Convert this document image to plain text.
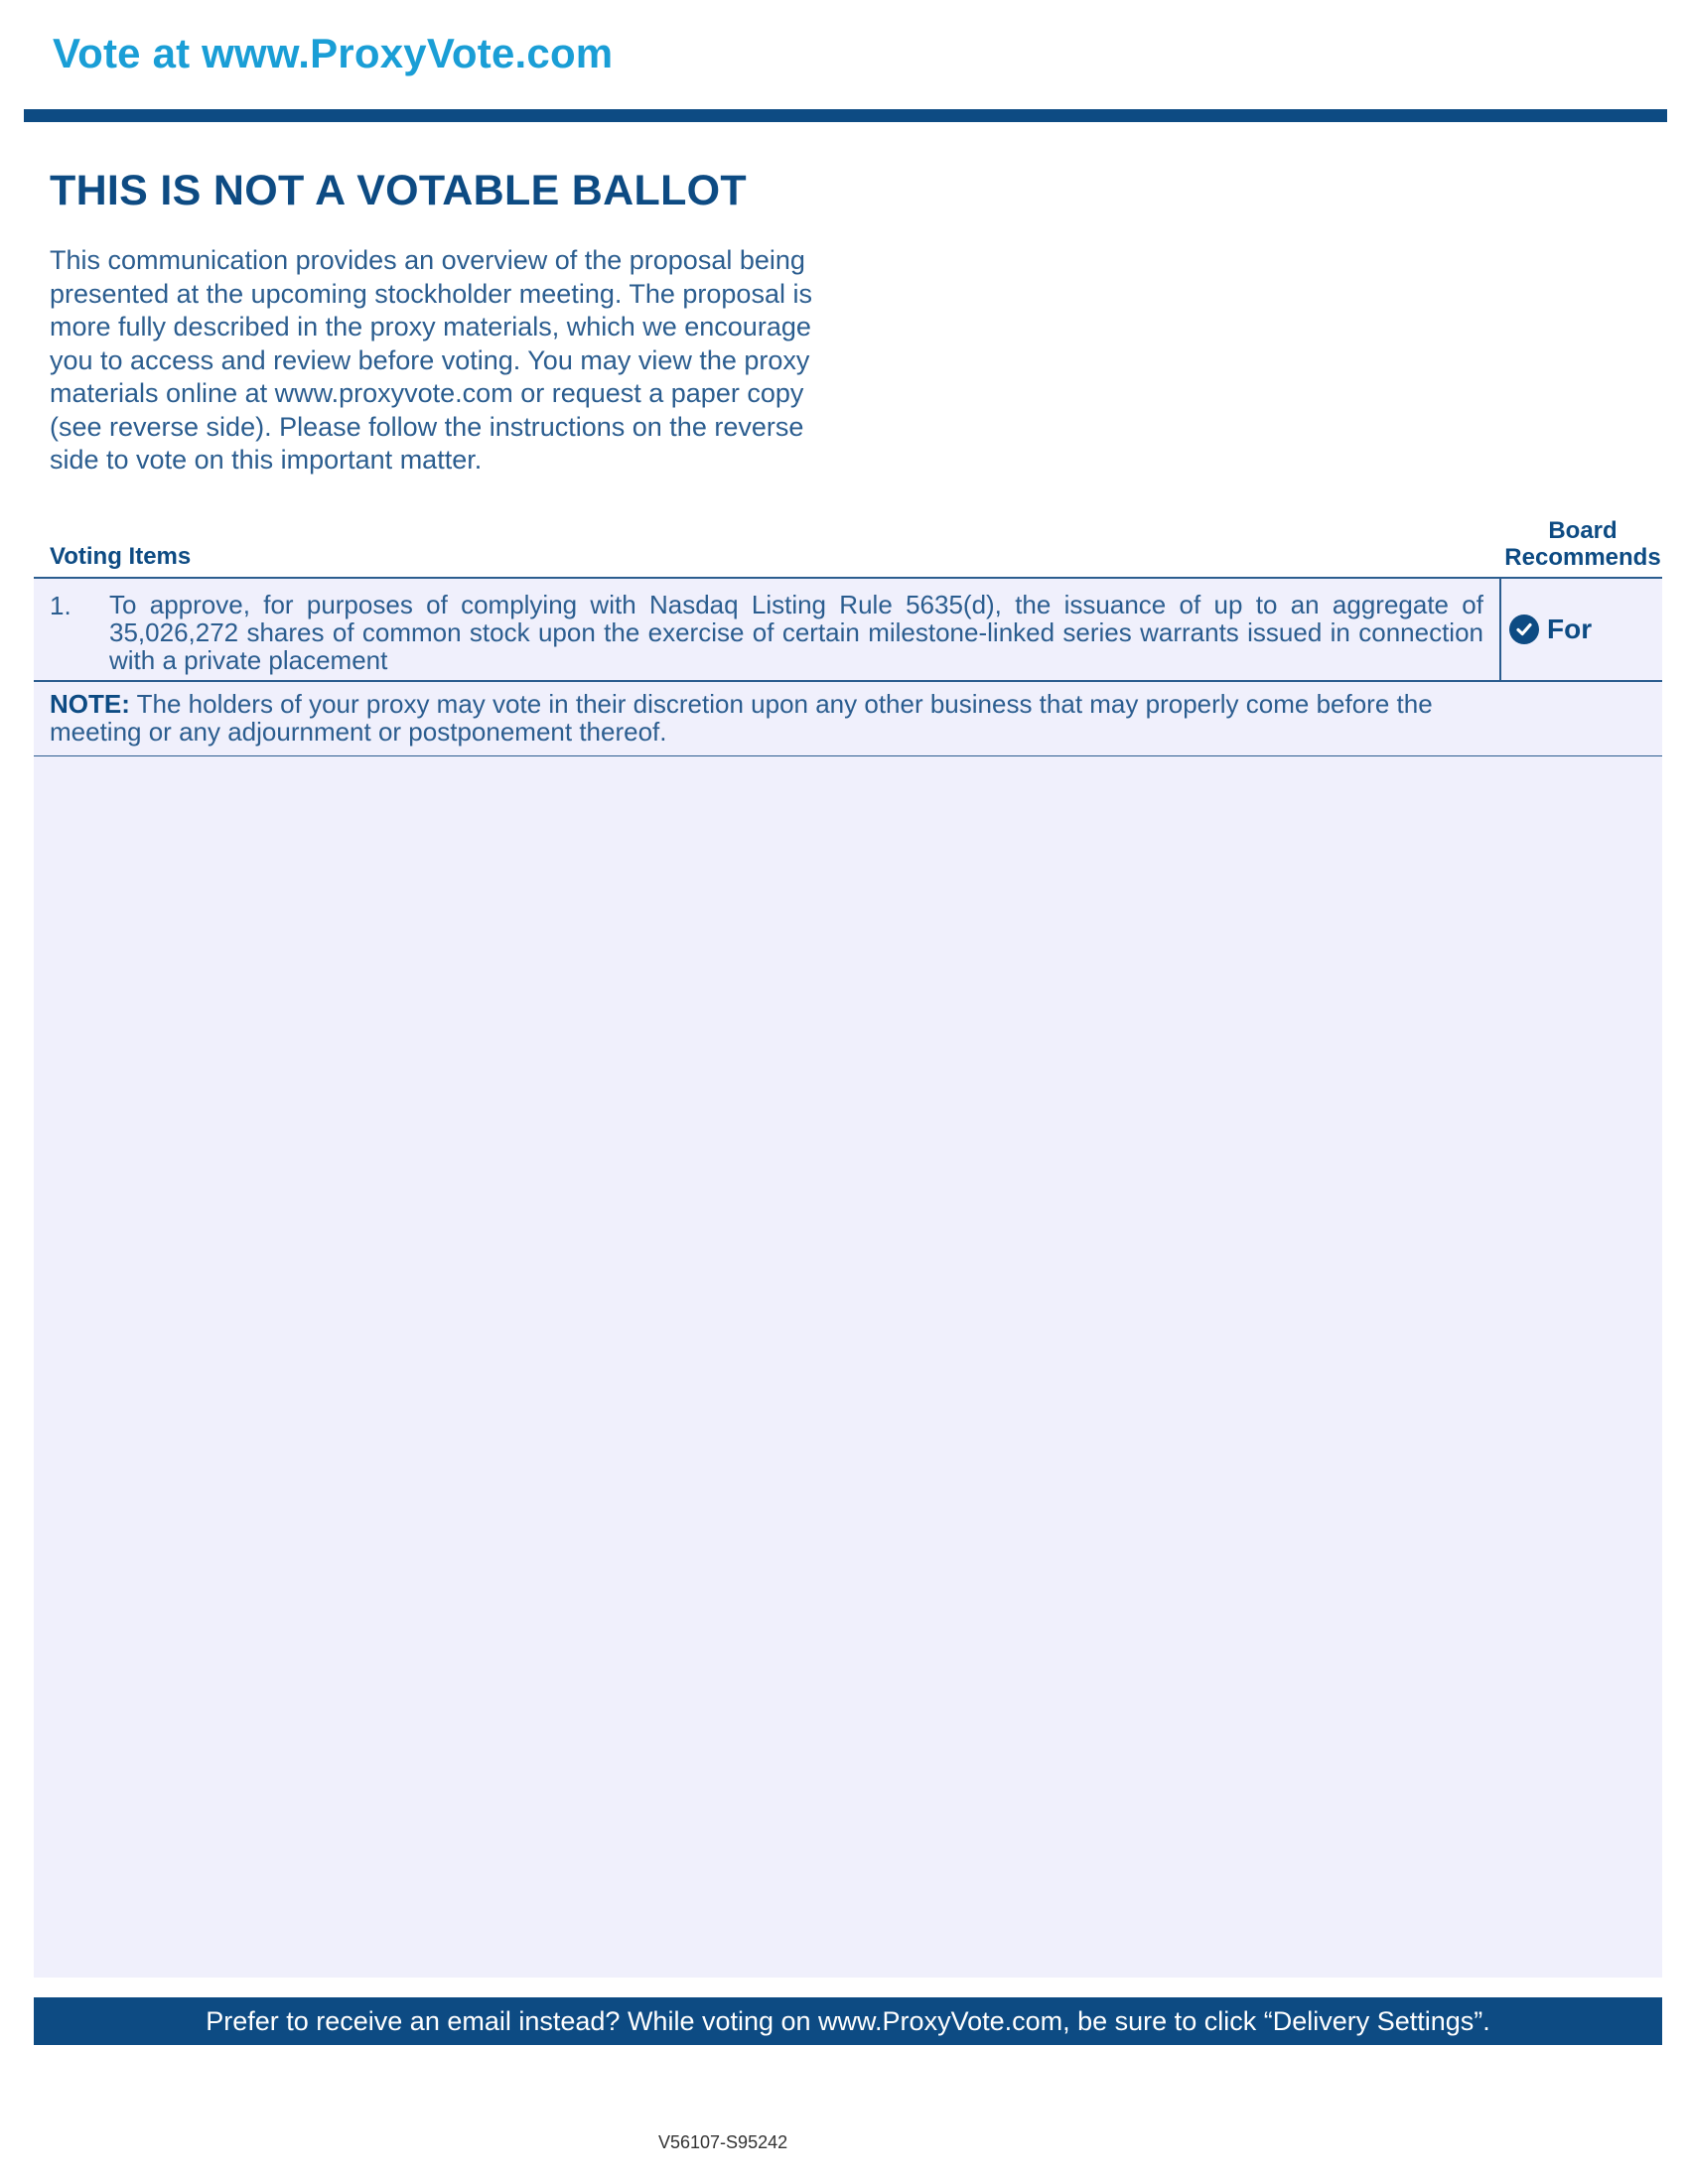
Vote at www.ProxyVote.com
THIS IS NOT A VOTABLE BALLOT

This communication provides an overview of the proposal being presented at the upcoming stockholder meeting. The proposal is more fully described in the proxy materials, which we encourage you to access and review before voting. You may view the proxy materials online at www.proxyvote.com or request a paper copy (see reverse side). Please follow the instructions on the reverse side to vote on this important matter.

Voting Items
Board Recommends
1.	To approve, for purposes of complying with Nasdaq Listing Rule 5635(d), the issuance of up to an aggregate of 35,026,272 shares of common stock upon the exercise of certain milestone-linked series warrants issued in connection with a private placement
For
NOTE: The holders of your proxy may vote in their discretion upon any other business that may properly come before the meeting or any adjournment or postponement thereof.
Prefer to receive an email instead? While voting on www.ProxyVote.com, be sure to click “Delivery Settings”.
V56107-S95242
